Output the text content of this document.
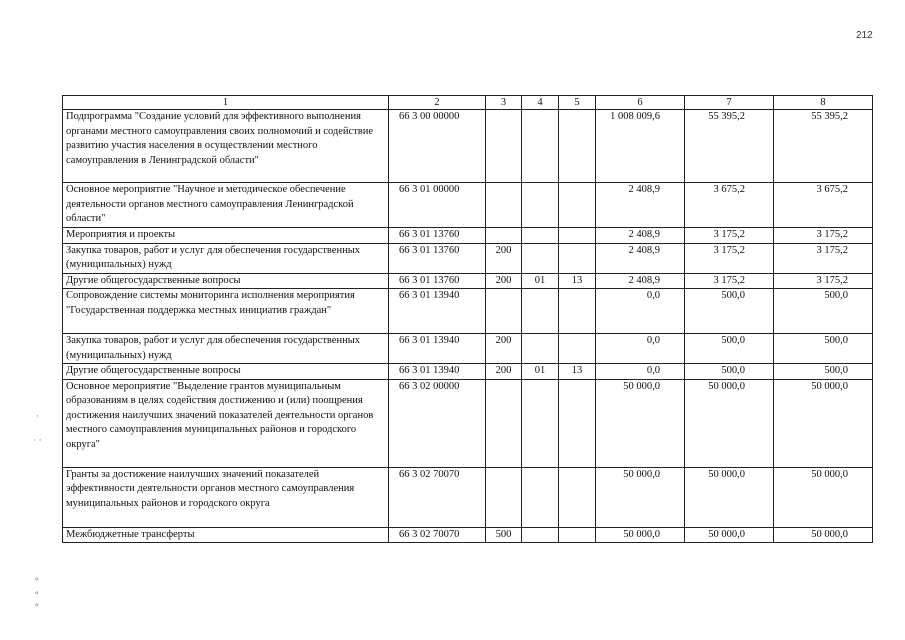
212
1	2	3	4	5	6	7	8
Подпрограмма "Создание условий для эффективного выполнения органами местного самоуправления своих полномочий и содействие развитию участия населения в осуществлении местного самоуправления в Ленинградской области"	66 3 00 00000				1 008 009,6	55 395,2	55 395,2
Основное мероприятие "Научное и методическое обеспечение деятельности органов местного самоуправления Ленинградской области"	66 3 01 00000				2 408,9	3 675,2	3 675,2
Мероприятия и проекты	66 3 01 13760				2 408,9	3 175,2	3 175,2
Закупка товаров, работ и услуг для обеспечения государственных (муниципальных) нужд	66 3 01 13760	200			2 408,9	3 175,2	3 175,2
Другие общегосударственные вопросы	66 3 01 13760	200	01	13	2 408,9	3 175,2	3 175,2
Сопровождение системы мониторинга исполнения мероприятия "Государственная поддержка местных инициатив граждан"	66 3 01 13940				0,0	500,0	500,0
Закупка товаров, работ и услуг для обеспечения государственных (муниципальных) нужд	66 3 01 13940	200			0,0	500,0	500,0
Другие общегосударственные вопросы	66 3 01 13940	200	01	13	0,0	500,0	500,0
Основное мероприятие "Выделение грантов муниципальным образованиям в целях содействия достижению и (или) поощрения достижения наилучших значений показателей деятельности органов местного самоуправления муниципальных районов и городского округа"	66 3 02 00000				50 000,0	50 000,0	50 000,0
Гранты за достижение наилучших значений показателей эффективности деятельности органов местного самоуправления муниципальных районов и городского округа	66 3 02 70070				50 000,0	50 000,0	50 000,0
Межбюджетные трансферты	66 3 02 70070	500			50 000,0	50 000,0	50 000,0
·
· ·
∘
∘
∘
